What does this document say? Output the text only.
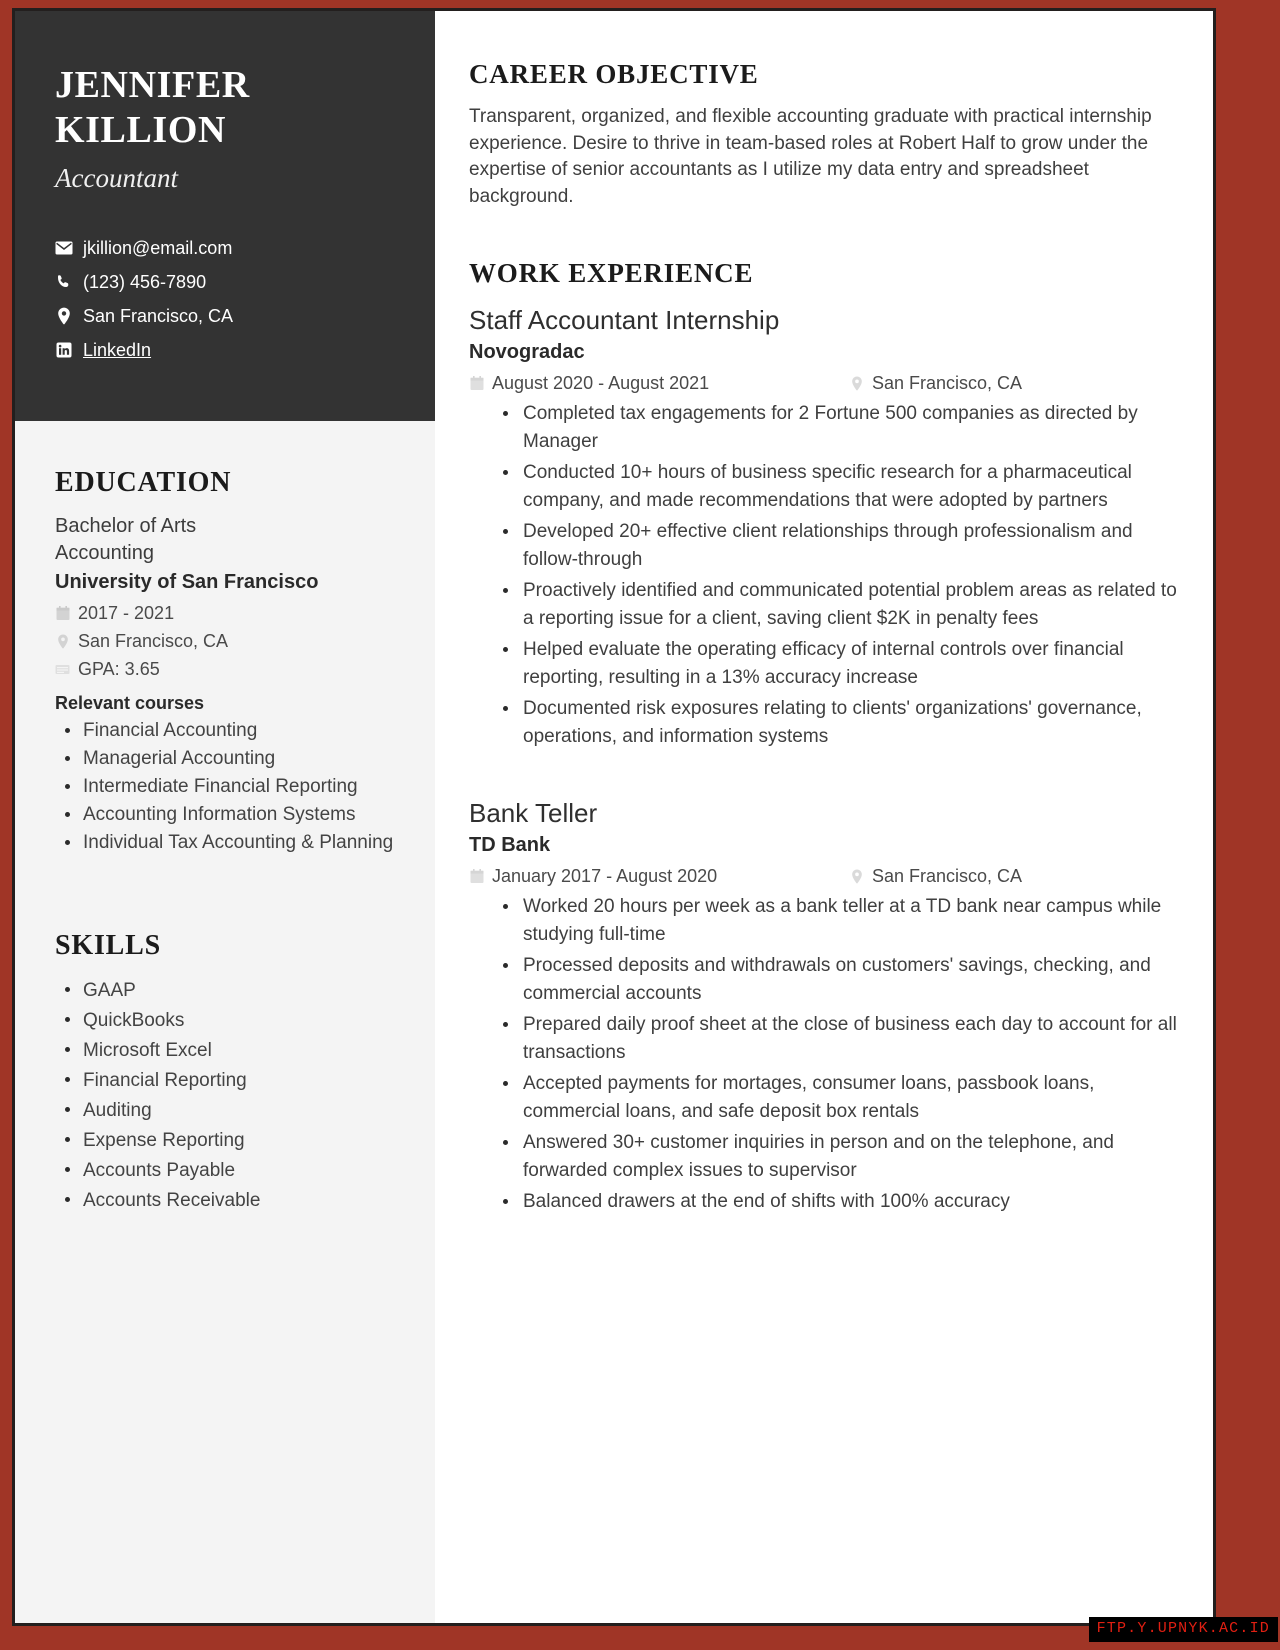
JENNIFER
KILLION
Accountant
jkillion@email.com
(123) 456-7890
San Francisco, CA
LinkedIn
EDUCATION
Bachelor of Arts
Accounting
University of San Francisco
2017 - 2021
San Francisco, CA
GPA: 3.65
Relevant courses
Financial Accounting
Managerial Accounting
Intermediate Financial Reporting
Accounting Information Systems
Individual Tax Accounting & Planning
SKILLS
GAAP
QuickBooks
Microsoft Excel
Financial Reporting
Auditing
Expense Reporting
Accounts Payable
Accounts Receivable
CAREER OBJECTIVE

Transparent, organized, and flexible accounting graduate with practical internship experience. Desire to thrive in team-based roles at Robert Half to grow under the expertise of senior accountants as I utilize my data entry and spreadsheet background.

WORK EXPERIENCE
Staff Accountant Internship
Novogradac
August 2020 - August 2021	San Francisco, CA
Completed tax engagements for 2 Fortune 500 companies as directed by Manager
Conducted 10+ hours of business specific research for a pharmaceutical company, and made recommendations that were adopted by partners
Developed 20+ effective client relationships through professionalism and follow-through
Proactively identified and communicated potential problem areas as related to a reporting issue for a client, saving client $2K in penalty fees
Helped evaluate the operating efficacy of internal controls over financial reporting, resulting in a 13% accuracy increase
Documented risk exposures relating to clients' organizations' governance, operations, and information systems
Bank Teller
TD Bank
January 2017 - August 2020	San Francisco, CA
Worked 20 hours per week as a bank teller at a TD bank near campus while studying full-time
Processed deposits and withdrawals on customers' savings, checking, and commercial accounts
Prepared daily proof sheet at the close of business each day to account for all transactions
Accepted payments for mortages, consumer loans, passbook loans, commercial loans, and safe deposit box rentals
Answered 30+ customer inquiries in person and on the telephone, and forwarded complex issues to supervisor
Balanced drawers at the end of shifts with 100% accuracy
FTP.Y.UPNYK.AC.ID
